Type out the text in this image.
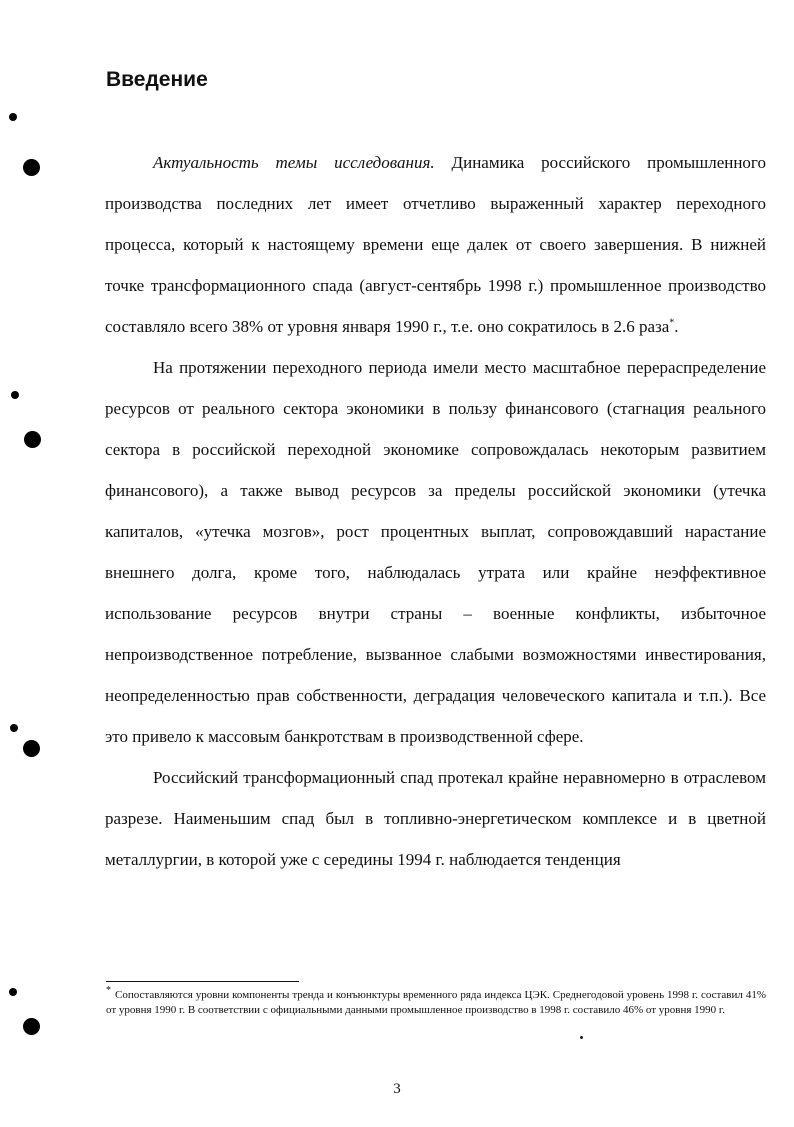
Введение

Актуальность темы исследования. Динамика российского промышленного производства последних лет имеет отчетливо выраженный характер переходного процесса, который к настоящему времени еще далек от своего завершения. В нижней точке трансформационного спада (август-сентябрь 1998 г.) промышленное производство составляло всего 38% от уровня января 1990 г., т.е. оно сократилось в 2.6 раза*.

На протяжении переходного периода имели место масштабное перераспределение ресурсов от реального сектора экономики в пользу финансового (стагнация реального сектора в российской переходной экономике сопровождалась некоторым развитием финансового), а также вывод ресурсов за пределы российской экономики (утечка капиталов, «утечка мозгов», рост процентных выплат, сопровождавший нарастание внешнего долга, кроме того, наблюдалась утрата или крайне неэффективное использование ресурсов внутри страны – военные конфликты, избыточное непроизводственное потребление, вызванное слабыми возможностями инвестирования, неопределенностью прав собственности, деградация человеческого капитала и т.п.). Все это привело к массовым банкротствам в производственной сфере.

Российский трансформационный спад протекал крайне неравномерно в отраслевом разрезе. Наименьшим спад был в топливно-энергетическом комплексе и в цветной металлургии, в которой уже с середины 1994 г. наблюдается тенденция

* Сопоставляются уровни компоненты тренда и конъюнктуры временного ряда индекса ЦЭК. Среднегодовой уровень 1998 г. составил 41% от уровня 1990 г. В соответствии с официальными данными промышленное производство в 1998 г. составило 46% от уровня 1990 г.
3
